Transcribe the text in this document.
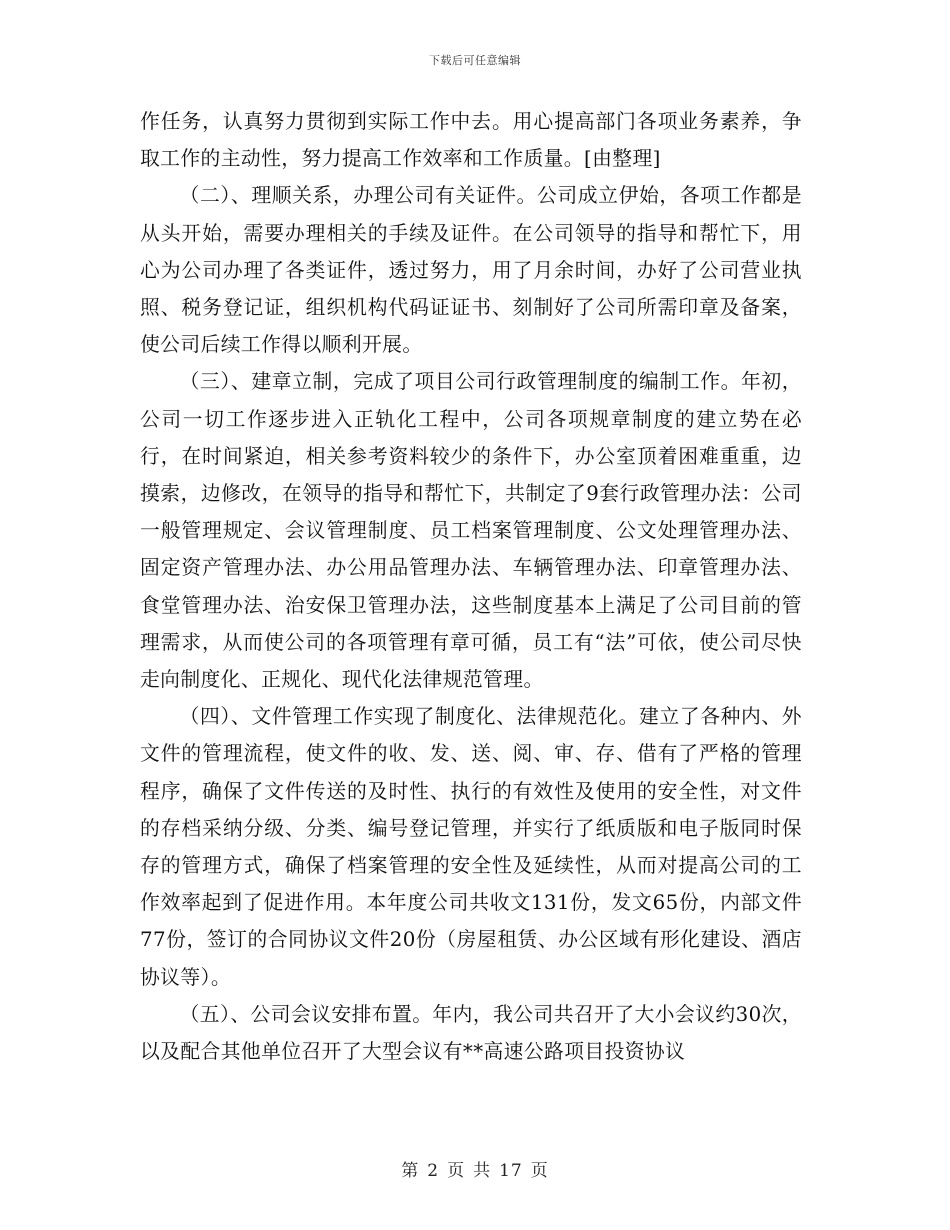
下载后可任意编辑

作任务，认真努力贯彻到实际工作中去。用心提高部门各项业务素养，争取工作的主动性，努力提高工作效率和工作质量。[由整理]

（二）、理顺关系，办理公司有关证件。公司成立伊始，各项工作都是从头开始，需要办理相关的手续及证件。在公司领导的指导和帮忙下，用心为公司办理了各类证件，透过努力，用了月余时间，办好了公司营业执照、税务登记证，组织机构代码证证书、刻制好了公司所需印章及备案，使公司后续工作得以顺利开展。

（三）、建章立制，完成了项目公司行政管理制度的编制工作。年初，公司一切工作逐步进入正轨化工程中，公司各项规章制度的建立势在必行，在时间紧迫，相关参考资料较少的条件下，办公室顶着困难重重，边摸索，边修改，在领导的指导和帮忙下，共制定了9套行政管理办法：公司一般管理规定、会议管理制度、员工档案管理制度、公文处理管理办法、固定资产管理办法、办公用品管理办法、车辆管理办法、印章管理办法、食堂管理办法、治安保卫管理办法，这些制度基本上满足了公司目前的管理需求，从而使公司的各项管理有章可循，员工有“法”可依，使公司尽快走向制度化、正规化、现代化法律规范管理。

（四）、文件管理工作实现了制度化、法律规范化。建立了各种内、外文件的管理流程，使文件的收、发、送、阅、审、存、借有了严格的管理程序，确保了文件传送的及时性、执行的有效性及使用的安全性，对文件的存档采纳分级、分类、编号登记管理，并实行了纸质版和电子版同时保存的管理方式，确保了档案管理的安全性及延续性，从而对提高公司的工作效率起到了促进作用。本年度公司共收文131份，发文65份，内部文件77份，签订的合同协议文件20份（房屋租赁、办公区域有形化建设、酒店协议等）。

（五）、公司会议安排布置。年内，我公司共召开了大小会议约30次，以及配合其他单位召开了大型会议有**高速公路项目投资协议

第 2 页 共 17 页
